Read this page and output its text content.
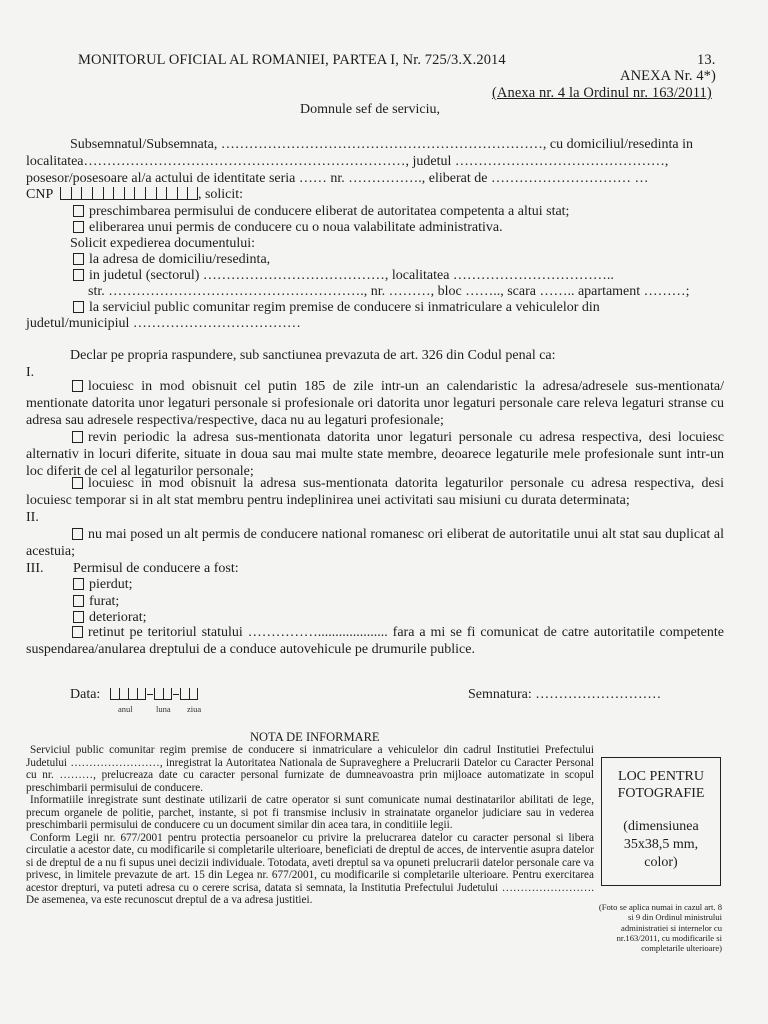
MONITORUL OFICIAL AL ROMANIEI, PARTEA I, Nr. 725/3.X.2014	13.
ANEXA Nr. 4*)
(Anexa nr. 4 la Ordinul nr. 163/2011)
Domnule sef de serviciu,
Subsemnatul/Subsemnata, ……………………………………………………………, cu domiciliul/resedinta in
localitatea……………………………………………………………, judetul ………………………………………,
posesor/posesoare al/a actului de identitate seria …… nr. ……………., eliberat de ………………………… …
CNP	, solicit:
preschimbarea permisului de conducere eliberat de autoritatea competenta a altui stat;
eliberarea unui permis de conducere cu o noua valabilitate administrativa.
Solicit expedierea documentului:
la adresa de domiciliu/resedinta,
in judetul (sectorul) …………………………………, localitatea ……………………………..
str. ………………………………………………., nr. ………, bloc …….., scara …….. apartament ………;
la serviciul public comunitar regim premise de conducere si inmatriculare a vehiculelor din
judetul/municipiul ………………………………
Declar pe propria raspundere, sub sanctiunea prevazuta de art. 326 din Codul penal ca:
I.
locuiesc in mod obisnuit cel putin 185 de zile intr-un an calendaristic la adresa/adresele sus-mentionata/ mentionate datorita unor legaturi personale si profesionale ori datorita unor legaturi personale care releva legaturi stranse cu adresa sau adresele respectiva/respective, daca nu au legaturi profesionale;
revin periodic la adresa sus-mentionata datorita unor legaturi personale cu adresa respectiva, desi locuiesc alternativ in locuri diferite, situate in doua sau mai multe state membre, deoarece legaturile mele profesionale sunt intr-un loc diferit de cel al legaturilor personale;
locuiesc in mod obisnuit la adresa sus-mentionata datorita legaturilor personale cu adresa respectiva, desi locuiesc temporar si in alt stat membru pentru indeplinirea unei activitati sau misiuni cu durata determinata;
II.
nu mai posed un alt permis de conducere national romanesc ori eliberat de autoritatile unui alt stat sau duplicat al acestuia;
III. Permisul de conducere a fost:
pierdut;
furat;
deteriorat;
retinut pe teritoriul statului …………….................... fara a mi se fi comunicat de catre autoritatile competente suspendarea/anularea dreptului de a conduce autovehicule pe drumurile publice.
Data:
anul	luna ziua
Semnatura: ………………………
NOTA DE INFORMARE
Serviciul public comunitar regim premise de conducere si inmatriculare a vehiculelor din cadrul Institutiei Prefectului Judetului ……………………, inregistrat la Autoritatea Nationala de Supraveghere a Prelucrarii Datelor cu Caracter Personal cu nr. ………, prelucreaza date cu caracter personal furnizate de dumneavoastra prin mijloace automatizate in scopul preschimbarii permisului de conducere.
Informatiile inregistrate sunt destinate utilizarii de catre operator si sunt comunicate numai destinatarilor abilitati de lege, precum organele de politie, parchet, instante, si pot fi transmise inclusiv in strainatate organelor judiciare sau in vederea preschimbarii permisului de conducere cu un document similar din acea tara, in conditiile legii.
Conform Legii nr. 677/2001 pentru protectia persoanelor cu privire la prelucrarea datelor cu caracter personal si libera circulatie a acestor date, cu modificarile si completarile ulterioare, beneficiati de dreptul de acces, de interventie asupra datelor si de dreptul de a nu fi supus unei decizii individuale. Totodata, aveti dreptul sa va opuneti prelucrarii datelor personale care va privesc, in limitele prevazute de art. 15 din Legea nr. 677/2001, cu modificarile si completarile ulterioare. Pentru exercitarea acestor drepturi, va puteti adresa cu o cerere scrisa, datata si semnata, la Institutia Prefectului Judetului ……………………. De asemenea, va este recunoscut dreptul de a va adresa justitiei.
LOC PENTRU FOTOGRAFIE
(dimensiunea 35x38,5 mm, color)
(Foto se aplica numai in cazul art. 8 si 9 din Ordinul ministrului administratiei si internelor cu nr.163/2011, cu modificarile si completarile ulterioare)
